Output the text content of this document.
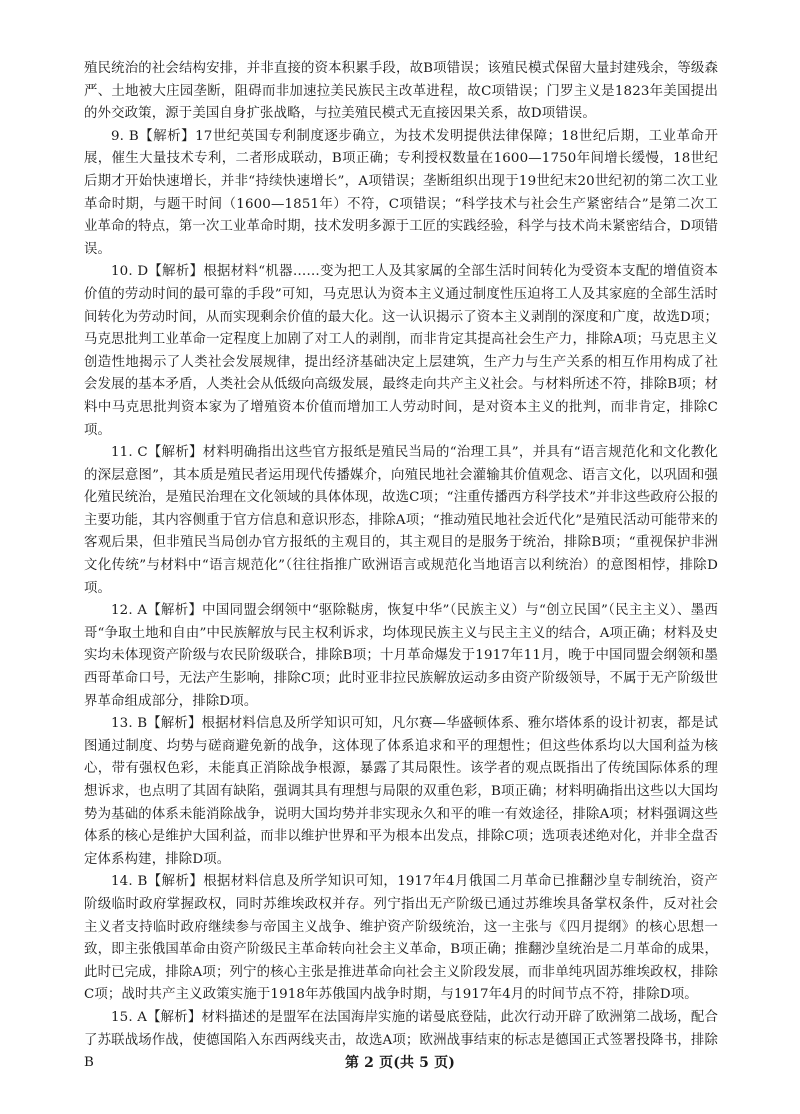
殖民统治的社会结构安排，并非直接的资本积累手段，故B项错误；该殖民模式保留大量封建残余，等级森严、土地被大庄园垄断，阻碍而非加速拉美民族民主改革进程，故C项错误；门罗主义是1823年美国提出的外交政策，源于美国自身扩张战略，与拉美殖民模式无直接因果关系，故D项错误。

9. B【解析】17世纪英国专利制度逐步确立，为技术发明提供法律保障；18世纪后期，工业革命开展，催生大量技术专利，二者形成联动，B项正确；专利授权数量在1600—1750年间增长缓慢，18世纪后期才开始快速增长，并非“持续快速增长”，A项错误；垄断组织出现于19世纪末20世纪初的第二次工业革命时期，与题干时间（1600—1851年）不符，C项错误；“科学技术与社会生产紧密结合”是第二次工业革命的特点，第一次工业革命时期，技术发明多源于工匠的实践经验，科学与技术尚未紧密结合，D项错误。

10. D【解析】根据材料“机器……变为把工人及其家属的全部生活时间转化为受资本支配的增值资本价值的劳动时间的最可靠的手段”可知，马克思认为资本主义通过制度性压迫将工人及其家庭的全部生活时间转化为劳动时间，从而实现剩余价值的最大化。这一认识揭示了资本主义剥削的深度和广度，故选D项；马克思批判工业革命一定程度上加剧了对工人的剥削，而非肯定其提高社会生产力，排除A项；马克思主义创造性地揭示了人类社会发展规律，提出经济基础决定上层建筑，生产力与生产关系的相互作用构成了社会发展的基本矛盾，人类社会从低级向高级发展，最终走向共产主义社会。与材料所述不符，排除B项；材料中马克思批判资本家为了增殖资本价值而增加工人劳动时间，是对资本主义的批判，而非肯定，排除C项。

11. C【解析】材料明确指出这些官方报纸是殖民当局的“治理工具”，并具有“语言规范化和文化教化的深层意图”，其本质是殖民者运用现代传播媒介，向殖民地社会灌输其价值观念、语言文化，以巩固和强化殖民统治，是殖民治理在文化领域的具体体现，故选C项；“注重传播西方科学技术”并非这些政府公报的主要功能，其内容侧重于官方信息和意识形态，排除A项；“推动殖民地社会近代化”是殖民活动可能带来的客观后果，但非殖民当局创办官方报纸的主观目的，其主观目的是服务于统治，排除B项；“重视保护非洲文化传统”与材料中“语言规范化”（往往指推广欧洲语言或规范化当地语言以利统治）的意图相悖，排除D项。

12. A【解析】中国同盟会纲领中“驱除鞑虏，恢复中华”（民族主义）与“创立民国”（民主主义）、墨西哥“争取土地和自由”中民族解放与民主权利诉求，均体现民族主义与民主主义的结合，A项正确；材料及史实均未体现资产阶级与农民阶级联合，排除B项；十月革命爆发于1917年11月，晚于中国同盟会纲领和墨西哥革命口号，无法产生影响，排除C项；此时亚非拉民族解放运动多由资产阶级领导，不属于无产阶级世界革命组成部分，排除D项。

13. B【解析】根据材料信息及所学知识可知，凡尔赛—华盛顿体系、雅尔塔体系的设计初衷，都是试图通过制度、均势与磋商避免新的战争，这体现了体系追求和平的理想性；但这些体系均以大国利益为核心，带有强权色彩，未能真正消除战争根源，暴露了其局限性。该学者的观点既指出了传统国际体系的理想诉求，也点明了其固有缺陷，强调其具有理想与局限的双重色彩，B项正确；材料明确指出这些以大国均势为基础的体系未能消除战争，说明大国均势并非实现永久和平的唯一有效途径，排除A项；材料强调这些体系的核心是维护大国利益，而非以维护世界和平为根本出发点，排除C项；选项表述绝对化，并非全盘否定体系构建，排除D项。

14. B【解析】根据材料信息及所学知识可知，1917年4月俄国二月革命已推翻沙皇专制统治，资产阶级临时政府掌握政权，同时苏维埃政权并存。列宁指出无产阶级已通过苏维埃具备掌权条件，反对社会主义者支持临时政府继续参与帝国主义战争、维护资产阶级统治，这一主张与《四月提纲》的核心思想一致，即主张俄国革命由资产阶级民主革命转向社会主义革命，B项正确；推翻沙皇统治是二月革命的成果，此时已完成，排除A项；列宁的核心主张是推进革命向社会主义阶段发展，而非单纯巩固苏维埃政权，排除C项；战时共产主义政策实施于1918年苏俄国内战争时期，与1917年4月的时间节点不符，排除D项。

15. A【解析】材料描述的是盟军在法国海岸实施的诺曼底登陆，此次行动开辟了欧洲第二战场，配合了苏联战场作战，使德国陷入东西两线夹击，故选A项；欧洲战事结束的标志是德国正式签署投降书，排除B	第 2 页(共 5 页)
